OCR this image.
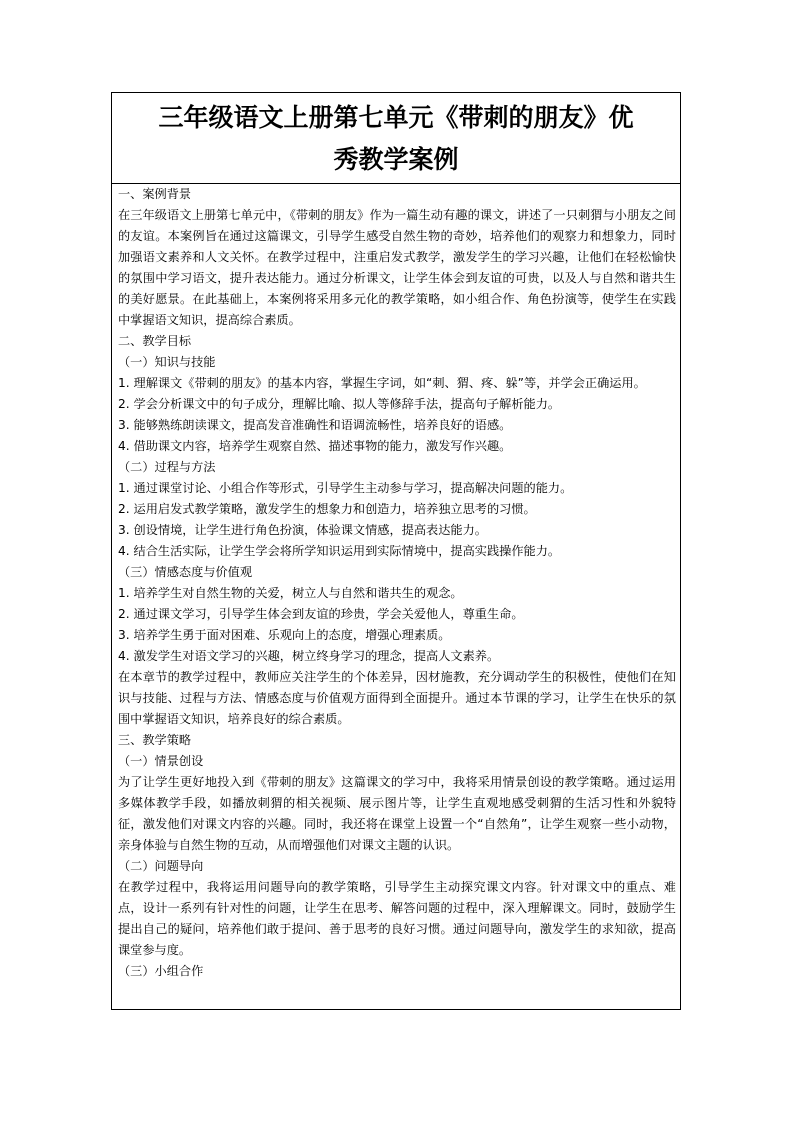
三年级语文上册第七单元《带刺的朋友》优
秀教学案例

一、案例背景

在三年级语文上册第七单元中，《带刺的朋友》作为一篇生动有趣的课文，讲述了一只刺猬与小朋友之间的友谊。本案例旨在通过这篇课文，引导学生感受自然生物的奇妙，培养他们的观察力和想象力，同时加强语文素养和人文关怀。在教学过程中，注重启发式教学，激发学生的学习兴趣，让他们在轻松愉快的氛围中学习语文，提升表达能力。通过分析课文，让学生体会到友谊的可贵，以及人与自然和谐共生的美好愿景。在此基础上，本案例将采用多元化的教学策略，如小组合作、角色扮演等，使学生在实践中掌握语文知识，提高综合素质。

二、教学目标

（一）知识与技能

1. 理解课文《带刺的朋友》的基本内容，掌握生字词，如“刺、猬、疼、躲”等，并学会正确运用。

2. 学会分析课文中的句子成分，理解比喻、拟人等修辞手法，提高句子解析能力。

3. 能够熟练朗读课文，提高发音准确性和语调流畅性，培养良好的语感。

4. 借助课文内容，培养学生观察自然、描述事物的能力，激发写作兴趣。

（二）过程与方法

1. 通过课堂讨论、小组合作等形式，引导学生主动参与学习，提高解决问题的能力。

2. 运用启发式教学策略，激发学生的想象力和创造力，培养独立思考的习惯。

3. 创设情境，让学生进行角色扮演，体验课文情感，提高表达能力。

4. 结合生活实际，让学生学会将所学知识运用到实际情境中，提高实践操作能力。

（三）情感态度与价值观

1. 培养学生对自然生物的关爱，树立人与自然和谐共生的观念。

2. 通过课文学习，引导学生体会到友谊的珍贵，学会关爱他人，尊重生命。

3. 培养学生勇于面对困难、乐观向上的态度，增强心理素质。

4. 激发学生对语文学习的兴趣，树立终身学习的理念，提高人文素养。

在本章节的教学过程中，教师应关注学生的个体差异，因材施教，充分调动学生的积极性，使他们在知识与技能、过程与方法、情感态度与价值观方面得到全面提升。通过本节课的学习，让学生在快乐的氛围中掌握语文知识，培养良好的综合素质。

三、教学策略

（一）情景创设

为了让学生更好地投入到《带刺的朋友》这篇课文的学习中，我将采用情景创设的教学策略。通过运用多媒体教学手段，如播放刺猬的相关视频、展示图片等，让学生直观地感受刺猬的生活习性和外貌特征，激发他们对课文内容的兴趣。同时，我还将在课堂上设置一个“自然角”，让学生观察一些小动物，亲身体验与自然生物的互动，从而增强他们对课文主题的认识。

（二）问题导向

在教学过程中，我将运用问题导向的教学策略，引导学生主动探究课文内容。针对课文中的重点、难点，设计一系列有针对性的问题，让学生在思考、解答问题的过程中，深入理解课文。同时，鼓励学生提出自己的疑问，培养他们敢于提问、善于思考的良好习惯。通过问题导向，激发学生的求知欲，提高课堂参与度。

（三）小组合作
